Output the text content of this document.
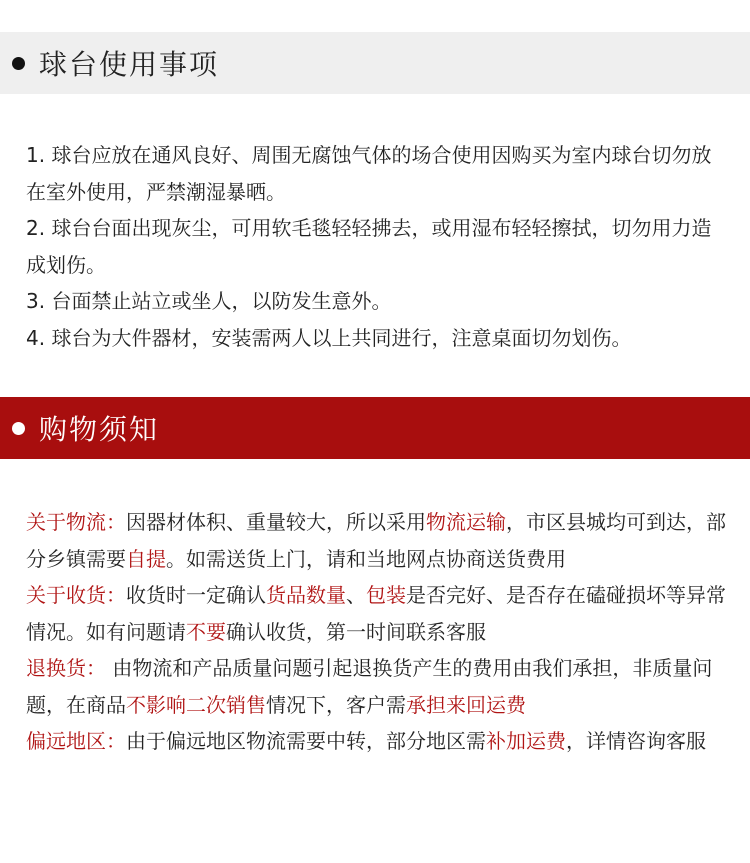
球台使用事项

1. 球台应放在通风良好、周围无腐蚀气体的场合使用因购买为室内球台切勿放在室外使用，严禁潮湿暴晒。

2. 球台台面出现灰尘，可用软毛毯轻轻拂去，或用湿布轻轻擦拭，切勿用力造成划伤。

3. 台面禁止站立或坐人，以防发生意外。

4. 球台为大件器材，安装需两人以上共同进行，注意桌面切勿划伤。

购物须知

关于物流：因器材体积、重量较大，所以采用物流运输，市区县城均可到达，部分乡镇需要自提。如需送货上门，请和当地网点协商送货费用

关于收货：收货时一定确认货品数量、包装是否完好、是否存在磕碰损坏等异常情况。如有问题请不要确认收货，第一时间联系客服

退换货： 由物流和产品质量问题引起退换货产生的费用由我们承担，非质量问题，在商品不影响二次销售情况下，客户需承担来回运费

偏远地区：由于偏远地区物流需要中转，部分地区需补加运费，详情咨询客服
